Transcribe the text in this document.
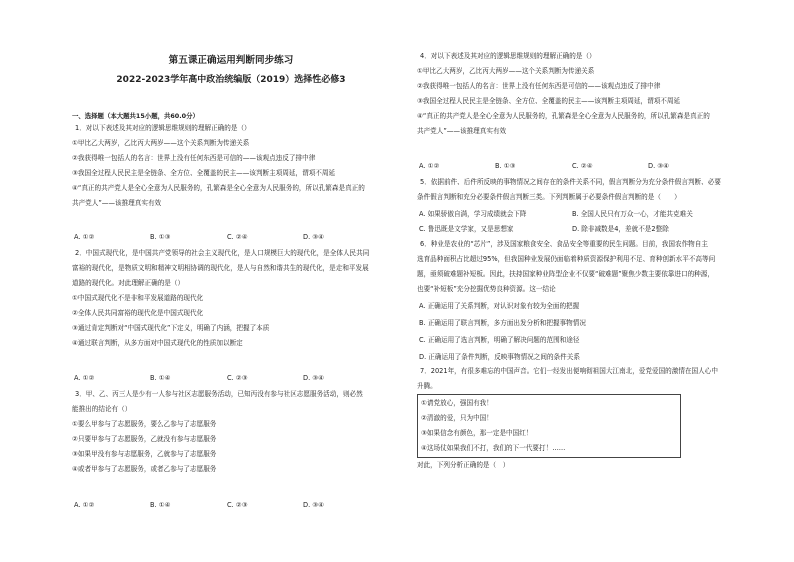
第五课正确运用判断同步练习
2022-2023学年高中政治统编版（2019）选择性必修3
一、选择题（本大题共15小题，共60.0分）
1．对以下表述及其对应的逻辑思维规则的理解正确的是（）
①甲比乙大两岁，乙比丙大两岁——这个关系判断为传递关系
②我获得唯一包括人的名言：世界上没有任何东西是可信的——该观点违反了排中律
③我国全过程人民民主是全链条、全方位、全覆盖的民主——该判断主项周延，谓项不周延
④“真正的共产党人是全心全意为人民服务的，孔繁森是全心全意为人民服务的，所以孔繁森是真正的
共产党人”——该推理真实有效
A. ①②	B. ①③	C. ②④	D. ③④
2．中国式现代化，是中国共产党领导的社会主义现代化，是人口规模巨大的现代化，是全体人民共同
富裕的现代化，是物质文明和精神文明相协调的现代化，是人与自然和谐共生的现代化，是走和平发展
道路的现代化。对此理解正确的是（）
①中国式现代化不是非和平发展道路的现代化
②全体人民共同富裕的现代化是中国式现代化
③通过肯定判断对“中国式现代化”下定义，明确了内涵，把握了本质
④通过联言判断，从多方面对中国式现代化的性质加以断定
A. ①②	B. ①④	C. ②③	D. ③④
3．甲、乙、丙三人是少有一人参与社区志愿服务活动，已知丙没有参与社区志愿服务活动，则必然
能推出的结论有（）
①要么甲参与了志愿服务，要么乙参与了志愿服务
②只要甲参与了志愿服务，乙就没有参与志愿服务
③如果甲没有参与志愿服务，乙就参与了志愿服务
④或者甲参与了志愿服务，或者乙参与了志愿服务
A. ①②	B. ①④	C. ②③	D. ③④
4．对以下表述及其对应的逻辑思维规则的理解正确的是（）
①甲比乙大两岁，乙比丙大两岁——这个关系判断为传递关系
②我获得唯一包括人的名言：世界上没有任何东西是可信的——该观点违反了排中律
③我国全过程人民民主是全链条、全方位、全覆盖的民主——该判断主项周延，谓项不周延
④“真正的共产党人是全心全意为人民服务的，孔繁森是全心全意为人民服务的，所以孔繁森是真正的
共产党人”——该推理真实有效
A. ①②	B. ①③	C. ②④	D. ③④
5．依据前件、后件所反映的事物情况之间存在的条件关系不同，假言判断分为充分条件假言判断、必要
条件假言判断和充分必要条件假言判断三类。下列判断属于必要条件假言判断的是（　　）
A. 如果骄傲自满，学习成绩就会下降	B. 全国人民只有万众一心，才能共克难关
C. 鲁迅既是文学家，又是思想家	D. 除非减数是4，差就不是2整除
6．种业是农业的“芯片”，涉及国家粮食安全、食品安全等重要的民生问题。目前，我国农作物自主
选育品种面积占比超过95%，但我国种业发展仍面临着种质资源保护利用不足、育种创新水平不高等问
题，亟须破难题补短板。因此，扶持国家种业阵型企业不仅要“破难题”聚焦少数主要依靠进口的种源，
也要“补短板”充分挖掘优势良种资源。这一结论
A. 正确运用了关系判断，对认识对象有较为全面的把握
B. 正确运用了联言判断，多方面出发分析和把握事物情况
C. 正确运用了选言判断，明确了解决问题的范围和途径
D. 正确运用了条件判断，反映事物情况之间的条件关系
7．2021年，有很多难忘的中国声音。它们一经发出便响彻祖国大江南北，爱党爱国的激情在国人心中
升腾。
①请党放心，强国有我！
②清澈的爱，只为中国！
③如果信念有颜色，那一定是中国红！
④这场仗如果我们不打，我们的下一代要打！……
对此，下列分析正确的是（　）
